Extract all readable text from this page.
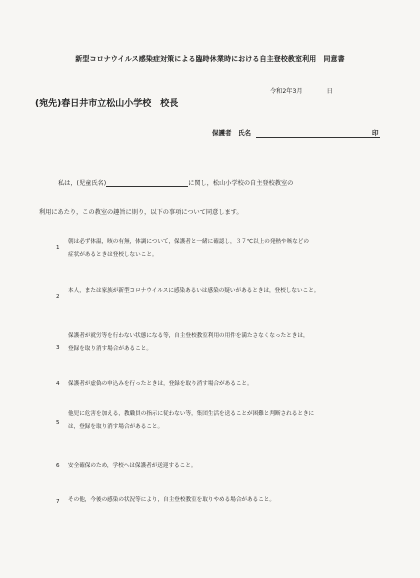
新型コロナウイルス感染症対策による臨時休業時における自主登校教室利用　同意書
令和2年3月	日
(宛先)春日井市立松山小学校　校長
保護者　氏名	印
私は，(児童氏名)	に関し，松山小学校の自主登校教室の
利用にあたり，この教室の趣旨に則り，以下の事項について同意します。
1
朝は必ず体温，咳の有無，体調について，保護者と一緒に確認し，３７℃以上の発熱や咳などの
症状があるときは登校しないこと。
2
本人，または家族が新型コロナウイルスに感染あるいは感染の疑いがあるときは，登校しないこと。
3
保護者が就労等を行わない状態になる等，自主登校教室利用の用件を満たさなくなったときは，
登録を取り消す場合があること。
4 保護者が虚偽の申込みを行ったときは，登録を取り消す場合があること。
5
他児に危害を加える，教職員の指示に従わない等，集団生活を送ることが困難と判断されるときに
は，登録を取り消す場合があること。
6 安全確保のため，学校へは保護者が送迎すること。
7 その他，今後の感染の状況等により，自主登校教室を取りやめる場合があること。
